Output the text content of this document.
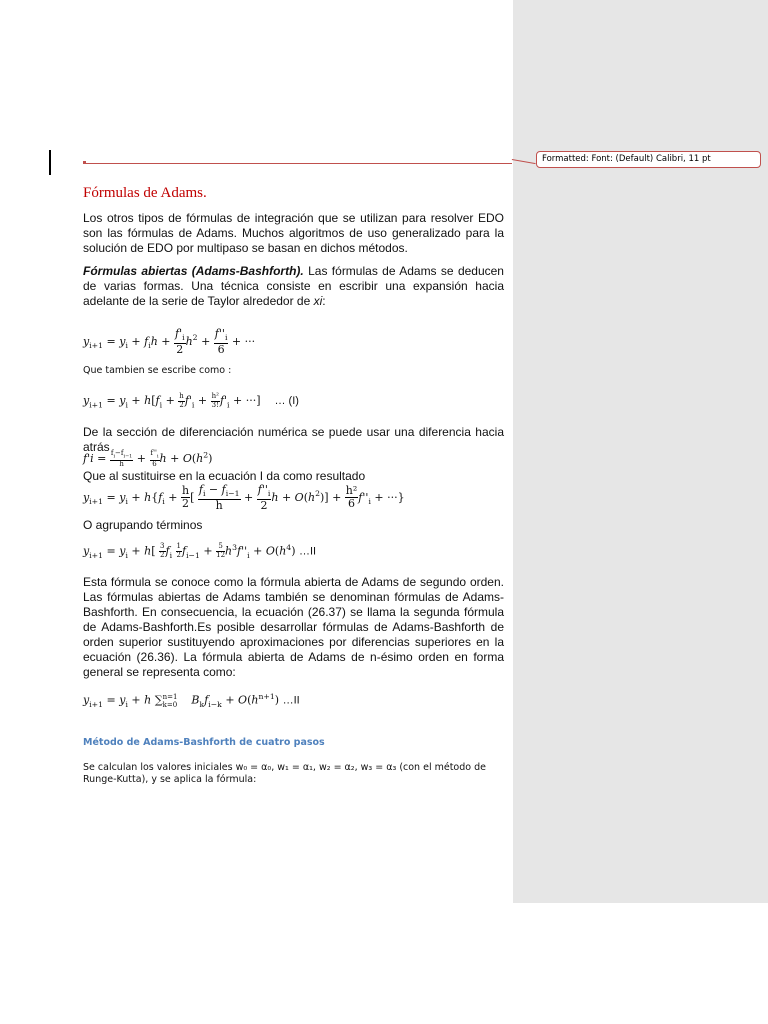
Formatted: Font: (Default) Calibri, 11 pt
Fórmulas de Adams.

Los otros tipos de fórmulas de integración que se utilizan para resolver EDO son las fórmulas de Adams. Muchos algoritmos de uso generalizado para la solución de EDO por multipaso se basan en dichos métodos.

Fórmulas abiertas (Adams-Bashforth). Las fórmulas de Adams se deducen de varias formas. Una técnica consiste en escribir una expansión hacia adelante de la serie de Taylor alrededor de xi:

$y_{i+1} = y_i + f_ih + \frac{f'_i}{2} h^2 + \frac{f''_i}{6}$ + ···

Que tambien se escribe como :

$y_{i+1} = y_i + h[f_i + \frac{h}{2} f'_i + \frac{\text{h²}}{3!} f'_i$ + ···]    … (I)

De la sección de diferenciación numérica se puede usar una diferencia hacia atrás

$f'i = \frac{f_i-f_{i-1}}{h} + \frac{f''_i}{6}$ $h + O(h^2)$

Que al sustituirse en la ecuación I da como resultado

$y_{i+1} = y_i + h\{f_i + \frac{h}{2}$ [ $\frac{f_i - f_{i-1}}{h} + \frac{f''_i}{2}$ $h + O(h^2)] + \frac{\text{h²}}{6} f''_i$ + ···}

O agrupando términos

$y_{i+1} = y_i + h[ \frac{3}{2} f_i \frac{1}{2} f_{i-1} + \frac{5}{12} h^3f''_i + O(h^4)$ …II

Esta fórmula se conoce como la fórmula abierta de Adams de segundo orden. Las fórmulas abiertas de Adams también se denominan fórmulas de Adams-Bashforth. En consecuencia, la ecuación (26.37) se llama la segunda fórmula de Adams-Bashforth.Es posible desarrollar fórmulas de Adams-Bashforth de orden superior sustituyendo aproximaciones por diferencias superiores en la ecuación (26.36). La fórmula abierta de Adams de n-ésimo orden en forma general se representa como:

$y_{i+1} = y_i + h$ ∑ n=1
k=0 $B_kf_{i-k} + O(h^{n+1})$ …II
Método de Adams-Bashforth de cuatro pasos

Se calculan los valores iniciales w₀ = α₀, w₁ = α₁, w₂ = α₂, w₃ = α₃ (con el método de Runge-Kutta), y se aplica la fórmula:
